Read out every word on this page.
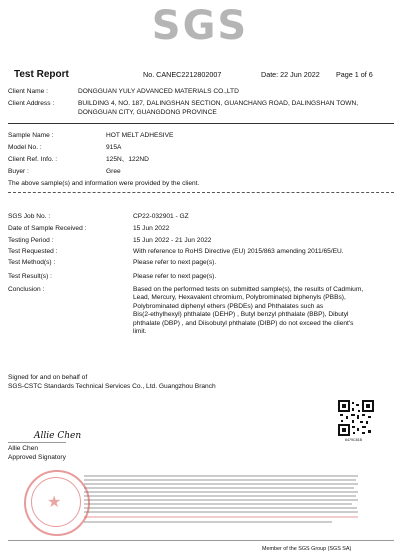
SGS
Test Report	No. CANEC2212802007	Date: 22 Jun 2022 Page 1 of 6
Client Name :	DONGGUAN YULY ADVANCED MATERIALS CO.,LTD
Client Address :	BUILDING 4, NO. 187, DALINGSHAN SECTION, GUANCHANG ROAD, DALINGSHAN TOWN,
DONGGUAN CITY, GUANGDONG PROVINCE
Sample Name :	HOT MELT ADHESIVE
Model No. :	915A
Client Ref. Info. :	125N、122ND
Buyer :	Gree
The above sample(s) and information were provided by the client.
SGS Job No. :	CP22-032901 - GZ
Date of Sample Received :	15 Jun 2022
Testing Period :	15 Jun 2022 - 21 Jun 2022
Test Requested :	With reference to RoHS Directive (EU) 2015/863 amending 2011/65/EU.
Test Method(s) :	Please refer to next page(s).
Test Result(s) :	Please refer to next page(s).
Conclusion :	Based on the performed tests on submitted sample(s), the results of Cadmium,
Lead, Mercury, Hexavalent chromium, Polybrominated biphenyls (PBBs),
Polybrominated diphenyl ethers (PBDEs) and Phthalates such as
Bis(2-ethylhexyl) phthalate (DEHP) , Butyl benzyl phthalate (BBP), Dibutyl
phthalate (DBP) , and Diisobutyl phthalate (DIBP) do not exceed the client's
limit.
Signed for and on behalf of
SGS-CSTC Standards Technical Services Co., Ltd. Guangzhou Branch
6479C81B
Allie Chen
Allie Chen
Approved Signatory
★
Member of the SGS Group (SGS SA)
